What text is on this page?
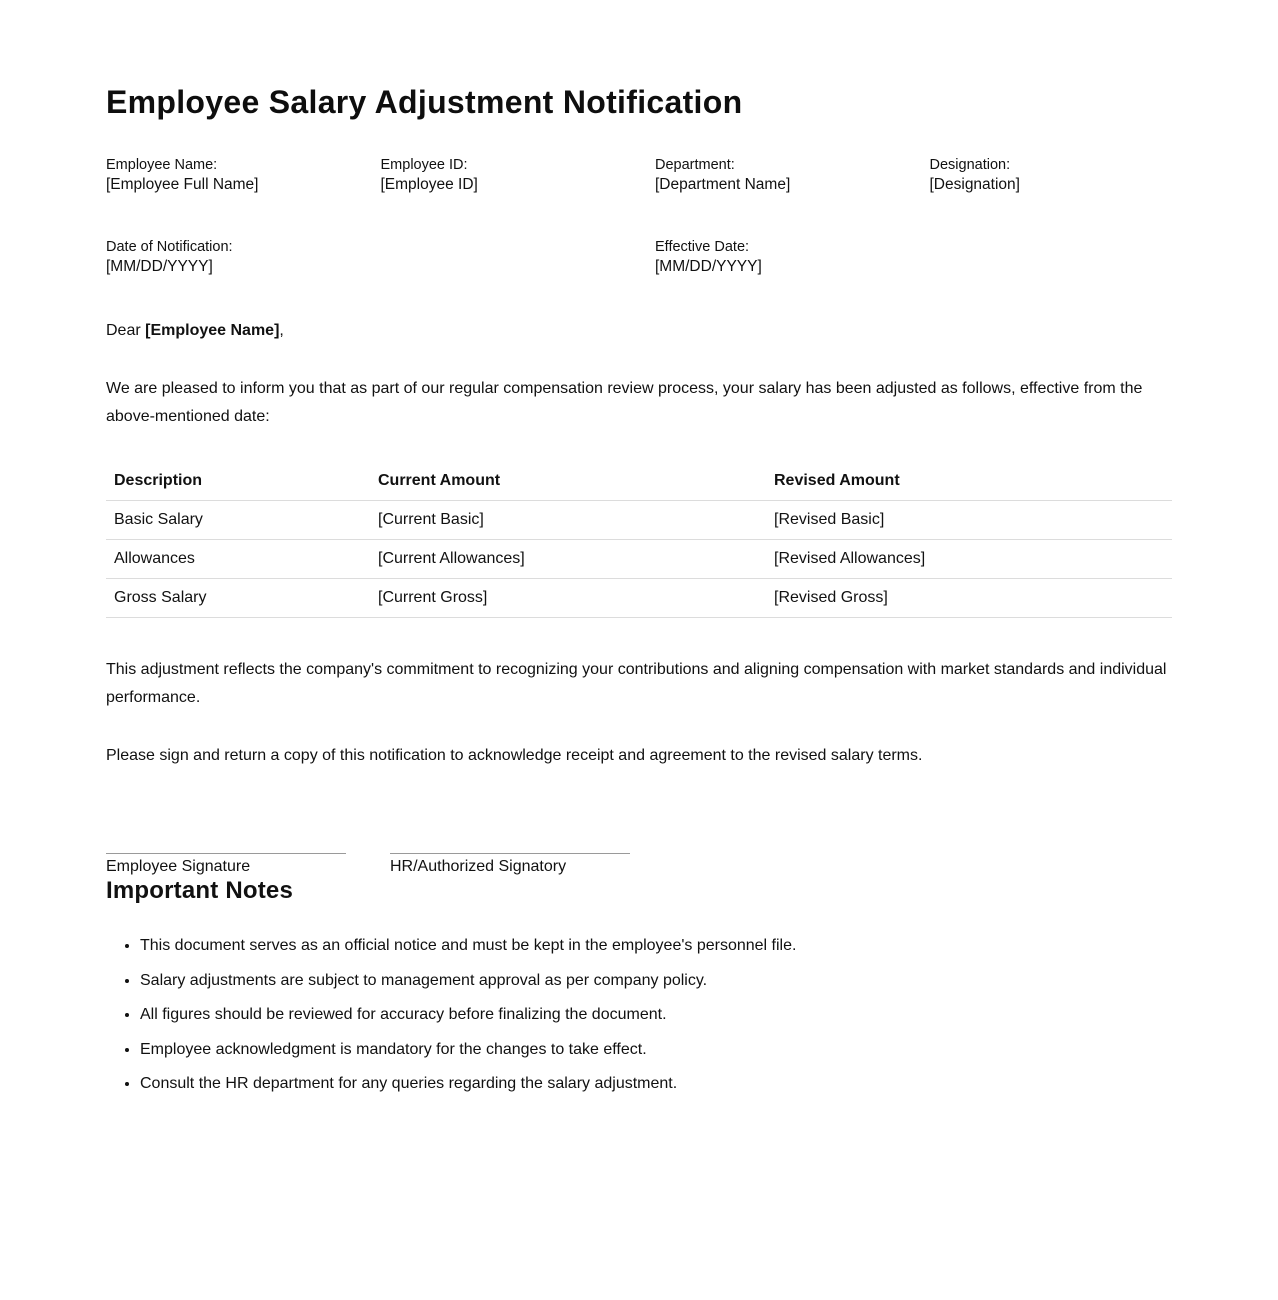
Employee Salary Adjustment Notification
Employee Name:
[Employee Full Name]
Employee ID:
[Employee ID]
Department:
[Department Name]
Designation:
[Designation]
Date of Notification:
[MM/DD/YYYY]
Effective Date:
[MM/DD/YYYY]

Dear [Employee Name],

We are pleased to inform you that as part of our regular compensation review process, your salary has been adjusted as follows, effective from the above-mentioned date:

Description	Current Amount	Revised Amount
Basic Salary	[Current Basic]	[Revised Basic]
Allowances	[Current Allowances]	[Revised Allowances]
Gross Salary	[Current Gross]	[Revised Gross]

This adjustment reflects the company's commitment to recognizing your contributions and aligning compensation with market standards and individual performance.

Please sign and return a copy of this notification to acknowledge receipt and agreement to the revised salary terms.

Employee Signature	HR/Authorized Signatory
Important Notes
• This document serves as an official notice and must be kept in the employee's personnel file.
• Salary adjustments are subject to management approval as per company policy.
• All figures should be reviewed for accuracy before finalizing the document.
• Employee acknowledgment is mandatory for the changes to take effect.
• Consult the HR department for any queries regarding the salary adjustment.
